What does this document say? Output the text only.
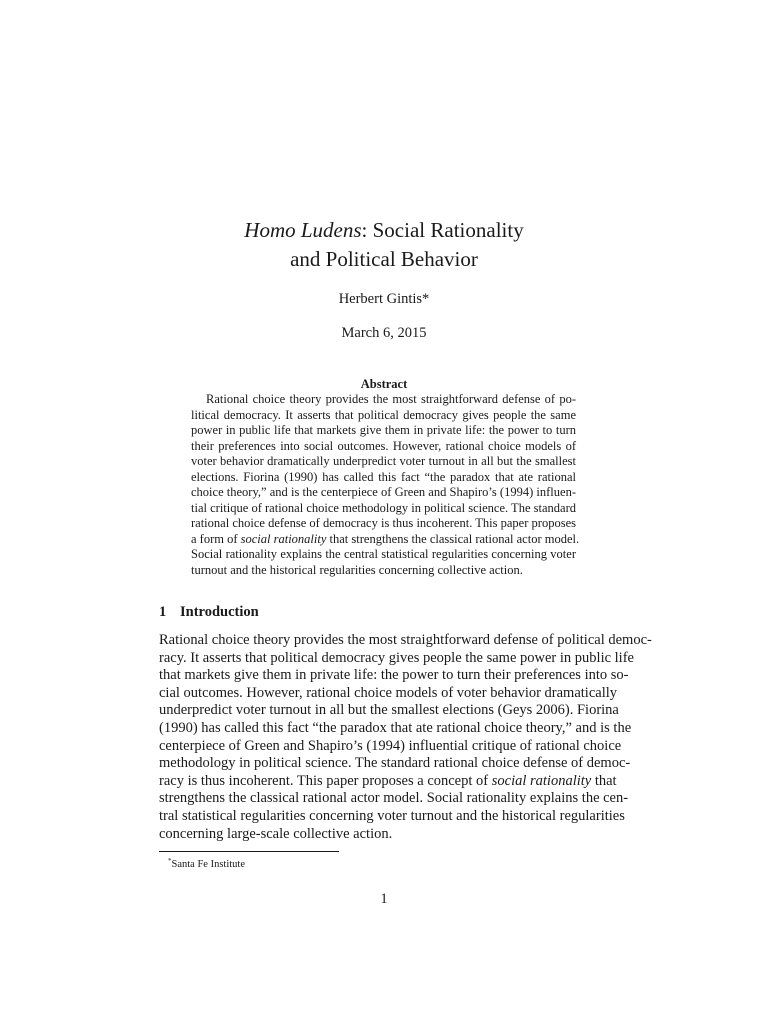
Homo Ludens: Social Rationality
and Political Behavior
Herbert Gintis*
March 6, 2015
Abstract
Rational choice theory provides the most straightforward defense of po-
litical democracy. It asserts that political democracy gives people the same
power in public life that markets give them in private life: the power to turn
their preferences into social outcomes. However, rational choice models of
voter behavior dramatically underpredict voter turnout in all but the smallest
elections. Fiorina (1990) has called this fact “the paradox that ate rational
choice theory,” and is the centerpiece of Green and Shapiro’s (1994) influen-
tial critique of rational choice methodology in political science. The standard
rational choice defense of democracy is thus incoherent. This paper proposes
a form of social rationality that strengthens the classical rational actor model.
Social rationality explains the central statistical regularities concerning voter
turnout and the historical regularities concerning collective action.
1 Introduction
Rational choice theory provides the most straightforward defense of political democ-
racy. It asserts that political democracy gives people the same power in public life
that markets give them in private life: the power to turn their preferences into so-
cial outcomes. However, rational choice models of voter behavior dramatically
underpredict voter turnout in all but the smallest elections (Geys 2006). Fiorina
(1990) has called this fact “the paradox that ate rational choice theory,” and is the
centerpiece of Green and Shapiro’s (1994) influential critique of rational choice
methodology in political science. The standard rational choice defense of democ-
racy is thus incoherent. This paper proposes a concept of social rationality that
strengthens the classical rational actor model. Social rationality explains the cen-
tral statistical regularities concerning voter turnout and the historical regularities
concerning large-scale collective action.
*Santa Fe Institute
1
